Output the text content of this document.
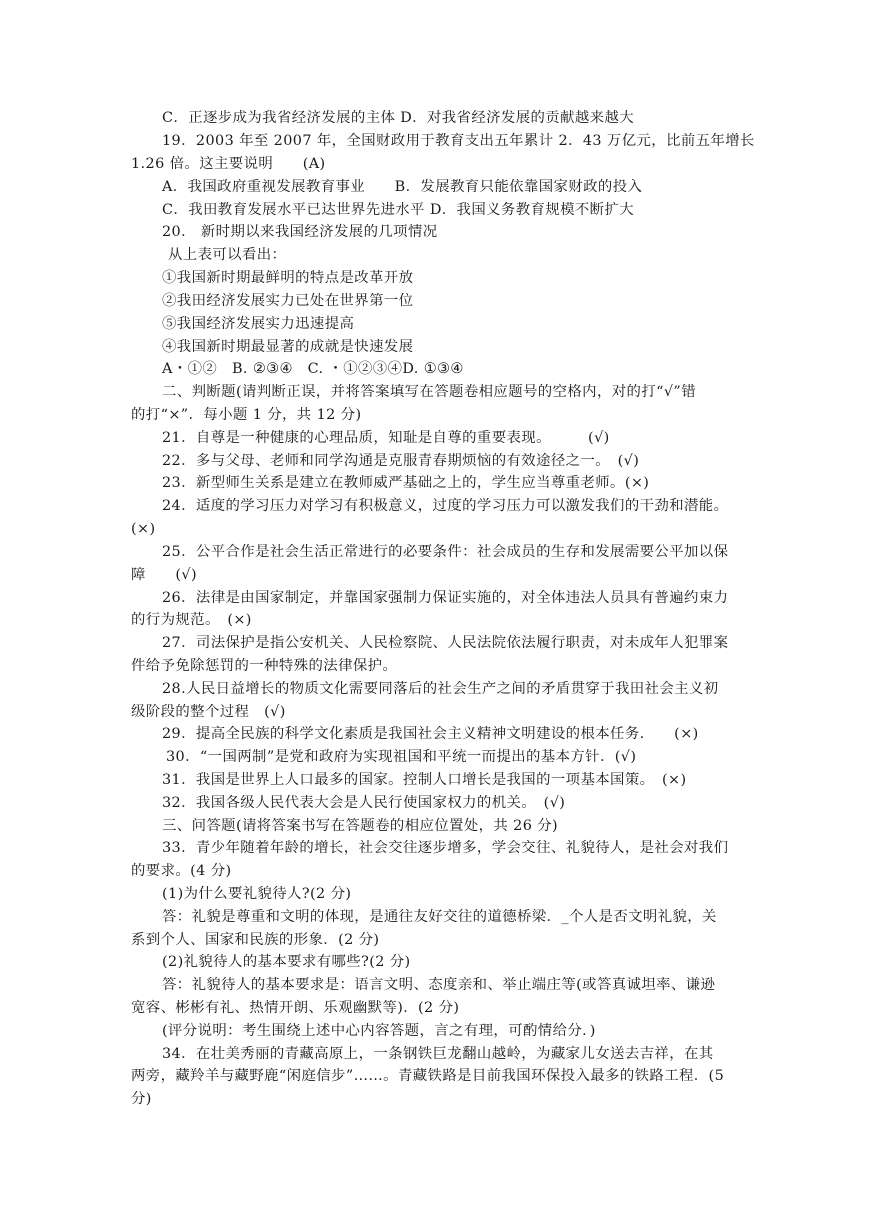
C．正逐步成为我省经济发展的主体 D．对我省经济发展的贡献越来越大
19．2003 年至 2007 年，全国财政用于教育支出五年累计 2．43 万亿元，比前五年增长
1.26 倍。这主要说明　　(A)
A．我国政府重视发展教育事业　　B．发展教育只能依靠国家财政的投入
C．我田教育发展水平已达世界先进水平 D．我国义务教育规模不断扩大
20． 新时期以来我国经济发展的几项情况
从上表可以看出：
①我国新时期最鲜明的特点是改革开放
②我田经济发展实力已处在世界第一位
⑤我国经济发展实力迅速提高
④我国新时期最显著的成就是快速发展
A・①②　B. ②③④　C. ・①②③④D. ①③④
二、判断题(请判断正误，并将答案填写在答题卷相应题号的空格内，对的打“√”错
的打“×”．每小题 1 分，共 12 分)
21．自尊是一种健康的心理品质，知耻是自尊的重要表现。　　　(√)
22．多与父母、老师和同学沟通是克服青春期烦恼的有效途径之一。　(√)
23．新型师生关系是建立在教师威严基础之上的，学生应当尊重老师。(×)
24．适度的学习压力对学习有积极意义，过度的学习压力可以激发我们的干劲和潜能。
(×)
25．公平合作是社会生活正常进行的必要条件：社会成员的生存和发展需要公平加以保
障　　(√)
26．法律是由国家制定，并靠国家强制力保证实施的，对全体违法人员具有普遍约束力
的行为规范。　(×)
27．司法保护是指公安机关、人民检察院、人民法院依法履行职责，对未成年人犯罪案
件给予免除惩罚的一种特殊的法律保护。
28.人民日益增长的物质文化需要同落后的社会生产之间的矛盾贯穿于我田社会主义初
级阶段的整个过程　(√)
29．提高全民族的科学文化素质是我国社会主义精神文明建设的根本任务.　　(×)
30．“一国两制”是党和政府为实现祖国和平统一而提出的基本方针．(√)
31．我国是世界上人口最多的国家。控制人口增长是我国的一项基本国策。　(×)
32．我国各级人民代表大会是人民行使国家权力的机关。　(√)
三、问答题(请将答案书写在答题卷的相应位置处，共 26 分)
33．青少年随着年龄的增长，社会交往逐步增多，学会交往、礼貌待人，是社会对我们
的要求。(4 分)
(1)为什么要礼貌待人?(2 分)
答：礼貌是尊重和文明的体现，是通往友好交往的道德桥梁．_个人是否文明礼貌，关
系到个人、国家和民族的形象．(2 分)
(2)礼貌待人的基本要求有哪些?(2 分)
答：礼貌待人的基本要求是：语言文明、态度亲和、举止端庄等(或答真诚坦率、谦逊
宽容、彬彬有礼、热情开朗、乐观幽默等)．(2 分)
(评分说明：考生围绕上述中心内容答题，言之有理，可酌情给分．)
34．在壮美秀丽的青藏高原上，一条钢铁巨龙翻山越岭，为藏家儿女送去吉祥，在其
两旁，藏羚羊与藏野鹿“闲庭信步”……。青藏铁路是目前我国环保投入最多的铁路工程．(5
分)
